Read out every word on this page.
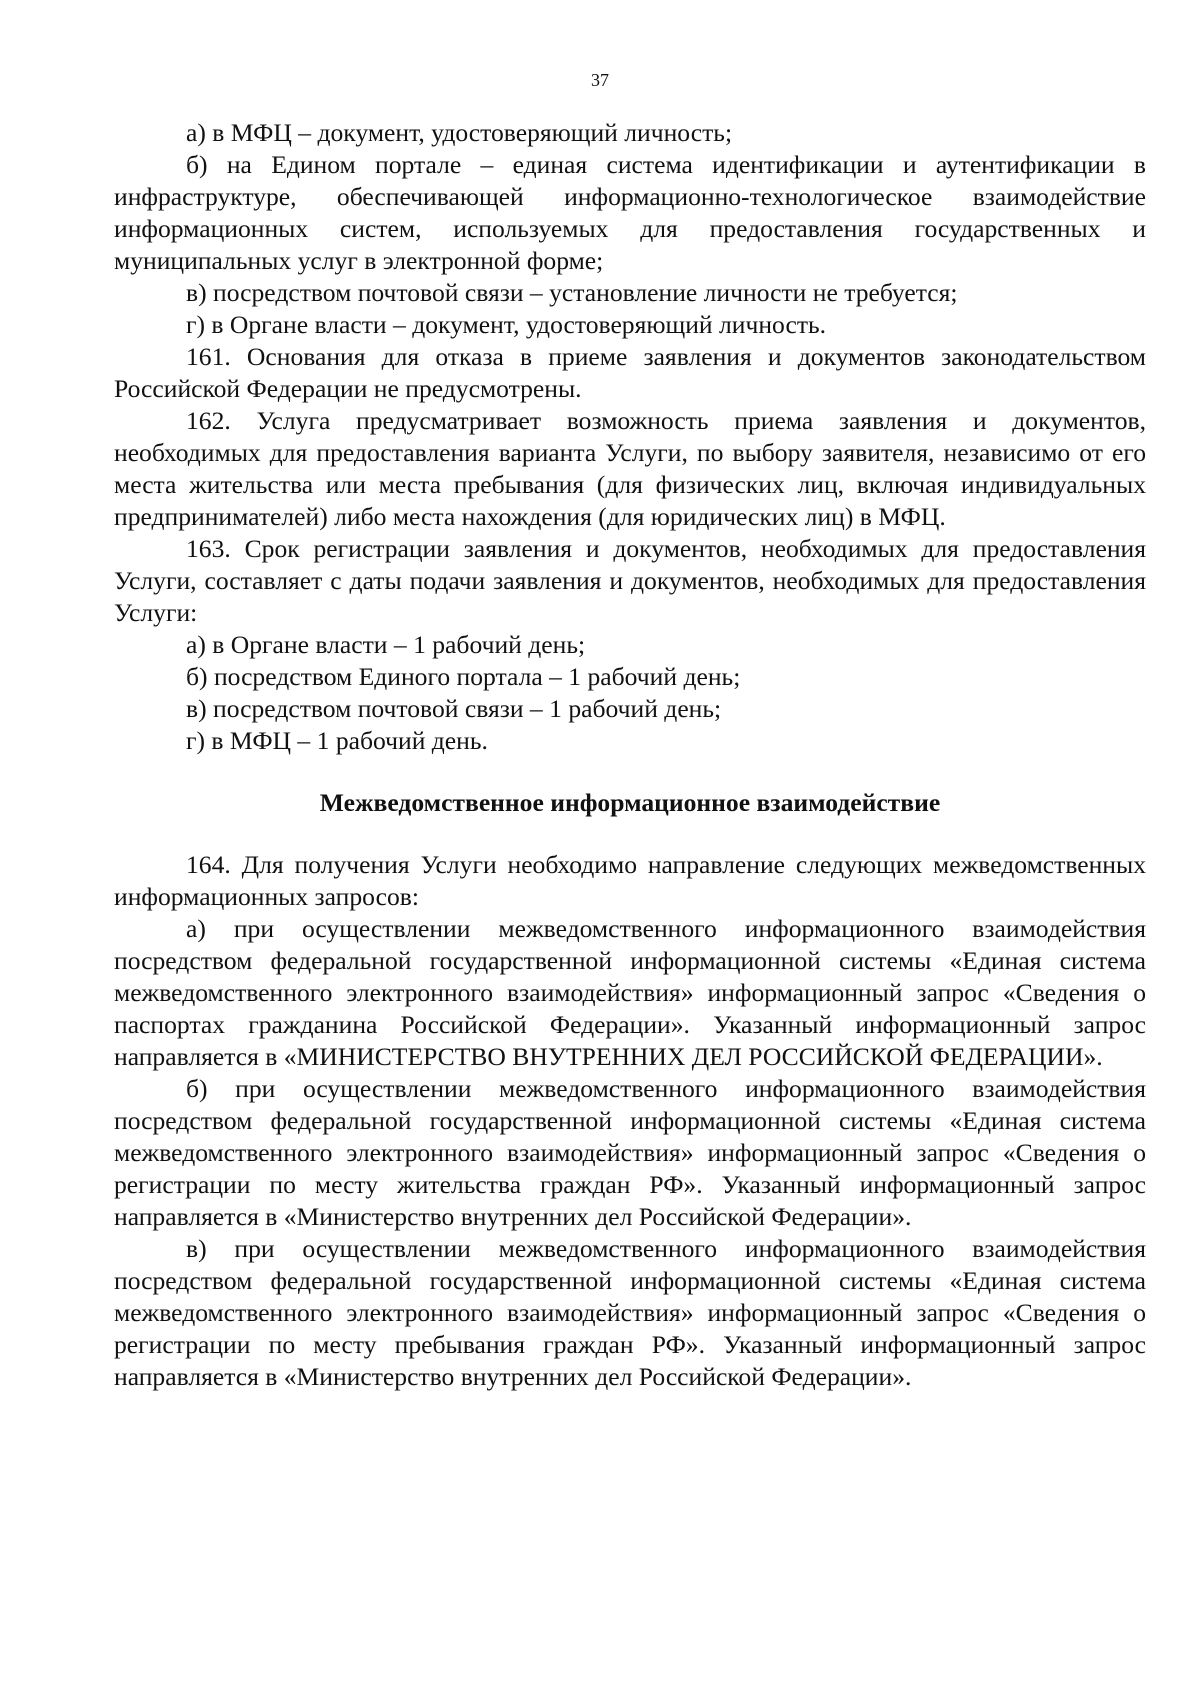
37

а) в МФЦ – документ, удостоверяющий личность;

б) на Едином портале – единая система идентификации и аутентификации в инфраструктуре, обеспечивающей информационно-технологическое взаимодействие информационных систем, используемых для предоставления государственных и муниципальных услуг в электронной форме;

в) посредством почтовой связи – установление личности не требуется;

г) в Органе власти – документ, удостоверяющий личность.

161. Основания для отказа в приеме заявления и документов законодательством Российской Федерации не предусмотрены.

162. Услуга предусматривает возможность приема заявления и документов, необходимых для предоставления варианта Услуги, по выбору заявителя, независимо от его места жительства или места пребывания (для физических лиц, включая индивидуальных предпринимателей) либо места нахождения (для юридических лиц) в МФЦ.

163. Срок регистрации заявления и документов, необходимых для предоставления Услуги, составляет с даты подачи заявления и документов, необходимых для предоставления Услуги:

а) в Органе власти – 1 рабочий день;

б) посредством Единого портала – 1 рабочий день;

в) посредством почтовой связи – 1 рабочий день;

г) в МФЦ – 1 рабочий день.

Межведомственное информационное взаимодействие

164. Для получения Услуги необходимо направление следующих межведомственных информационных запросов:

а) при осуществлении межведомственного информационного взаимодействия посредством федеральной государственной информационной системы «Единая система межведомственного электронного взаимодействия» информационный запрос «Сведения о паспортах гражданина Российской Федерации». Указанный информационный запрос направляется в «МИНИСТЕРСТВО ВНУТРЕННИХ ДЕЛ РОССИЙСКОЙ ФЕДЕРАЦИИ».

б) при осуществлении межведомственного информационного взаимодействия посредством федеральной государственной информационной системы «Единая система межведомственного электронного взаимодействия» информационный запрос «Сведения о регистрации по месту жительства граждан РФ». Указанный информационный запрос направляется в «Министерство внутренних дел Российской Федерации».

в) при осуществлении межведомственного информационного взаимодействия посредством федеральной государственной информационной системы «Единая система межведомственного электронного взаимодействия» информационный запрос «Сведения о регистрации по месту пребывания граждан РФ». Указанный информационный запрос направляется в «Министерство внутренних дел Российской Федерации».
